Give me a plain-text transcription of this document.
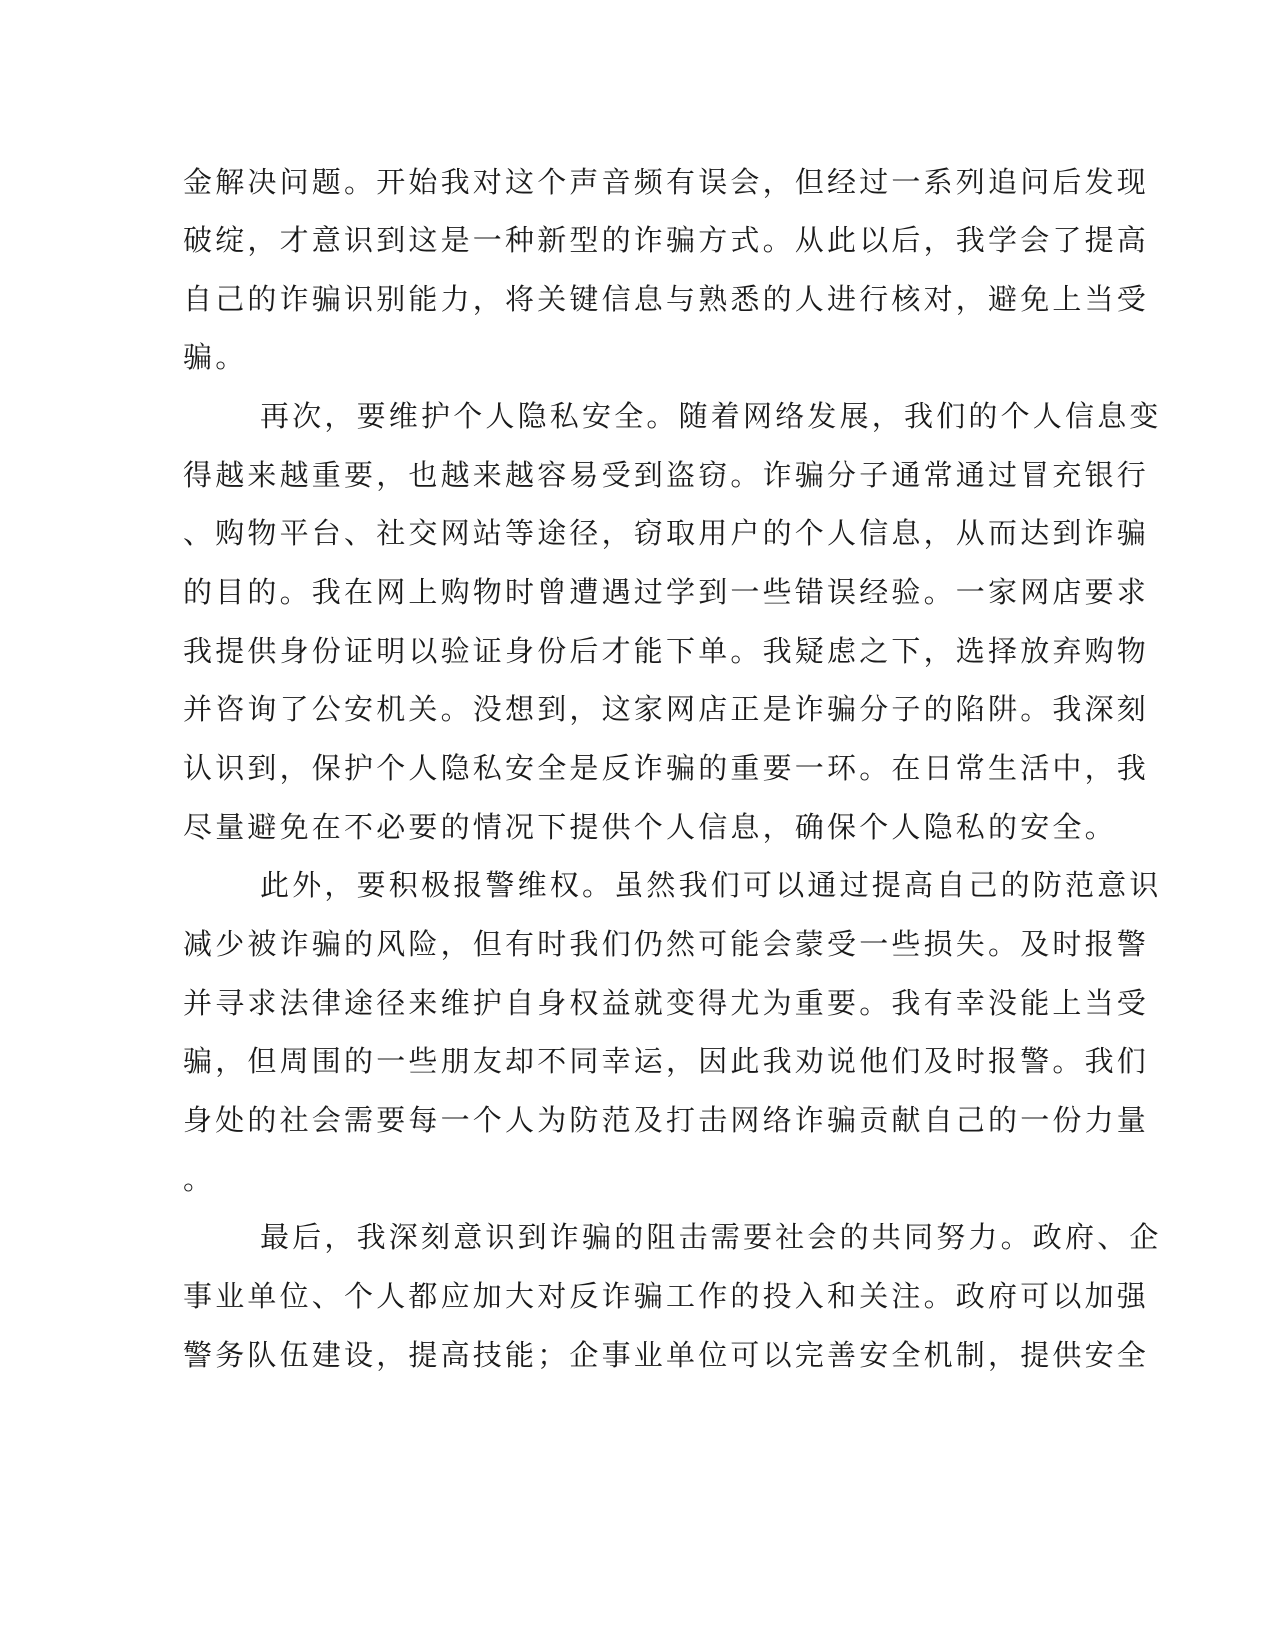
金解决问题。开始我对这个声音频有误会，但经过一系列追问后发现
破绽，才意识到这是一种新型的诈骗方式。从此以后，我学会了提高
自己的诈骗识别能力，将关键信息与熟悉的人进行核对，避免上当受
骗。
再次，要维护个人隐私安全。随着网络发展，我们的个人信息变
得越来越重要，也越来越容易受到盗窃。诈骗分子通常通过冒充银行
、购物平台、社交网站等途径，窃取用户的个人信息，从而达到诈骗
的目的。我在网上购物时曾遭遇过学到一些错误经验。一家网店要求
我提供身份证明以验证身份后才能下单。我疑虑之下，选择放弃购物
并咨询了公安机关。没想到，这家网店正是诈骗分子的陷阱。我深刻
认识到，保护个人隐私安全是反诈骗的重要一环。在日常生活中，我
尽量避免在不必要的情况下提供个人信息，确保个人隐私的安全。
此外，要积极报警维权。虽然我们可以通过提高自己的防范意识
减少被诈骗的风险，但有时我们仍然可能会蒙受一些损失。及时报警
并寻求法律途径来维护自身权益就变得尤为重要。我有幸没能上当受
骗，但周围的一些朋友却不同幸运，因此我劝说他们及时报警。我们
身处的社会需要每一个人为防范及打击网络诈骗贡献自己的一份力量
。
最后，我深刻意识到诈骗的阻击需要社会的共同努力。政府、企
事业单位、个人都应加大对反诈骗工作的投入和关注。政府可以加强
警务队伍建设，提高技能；企事业单位可以完善安全机制，提供安全
